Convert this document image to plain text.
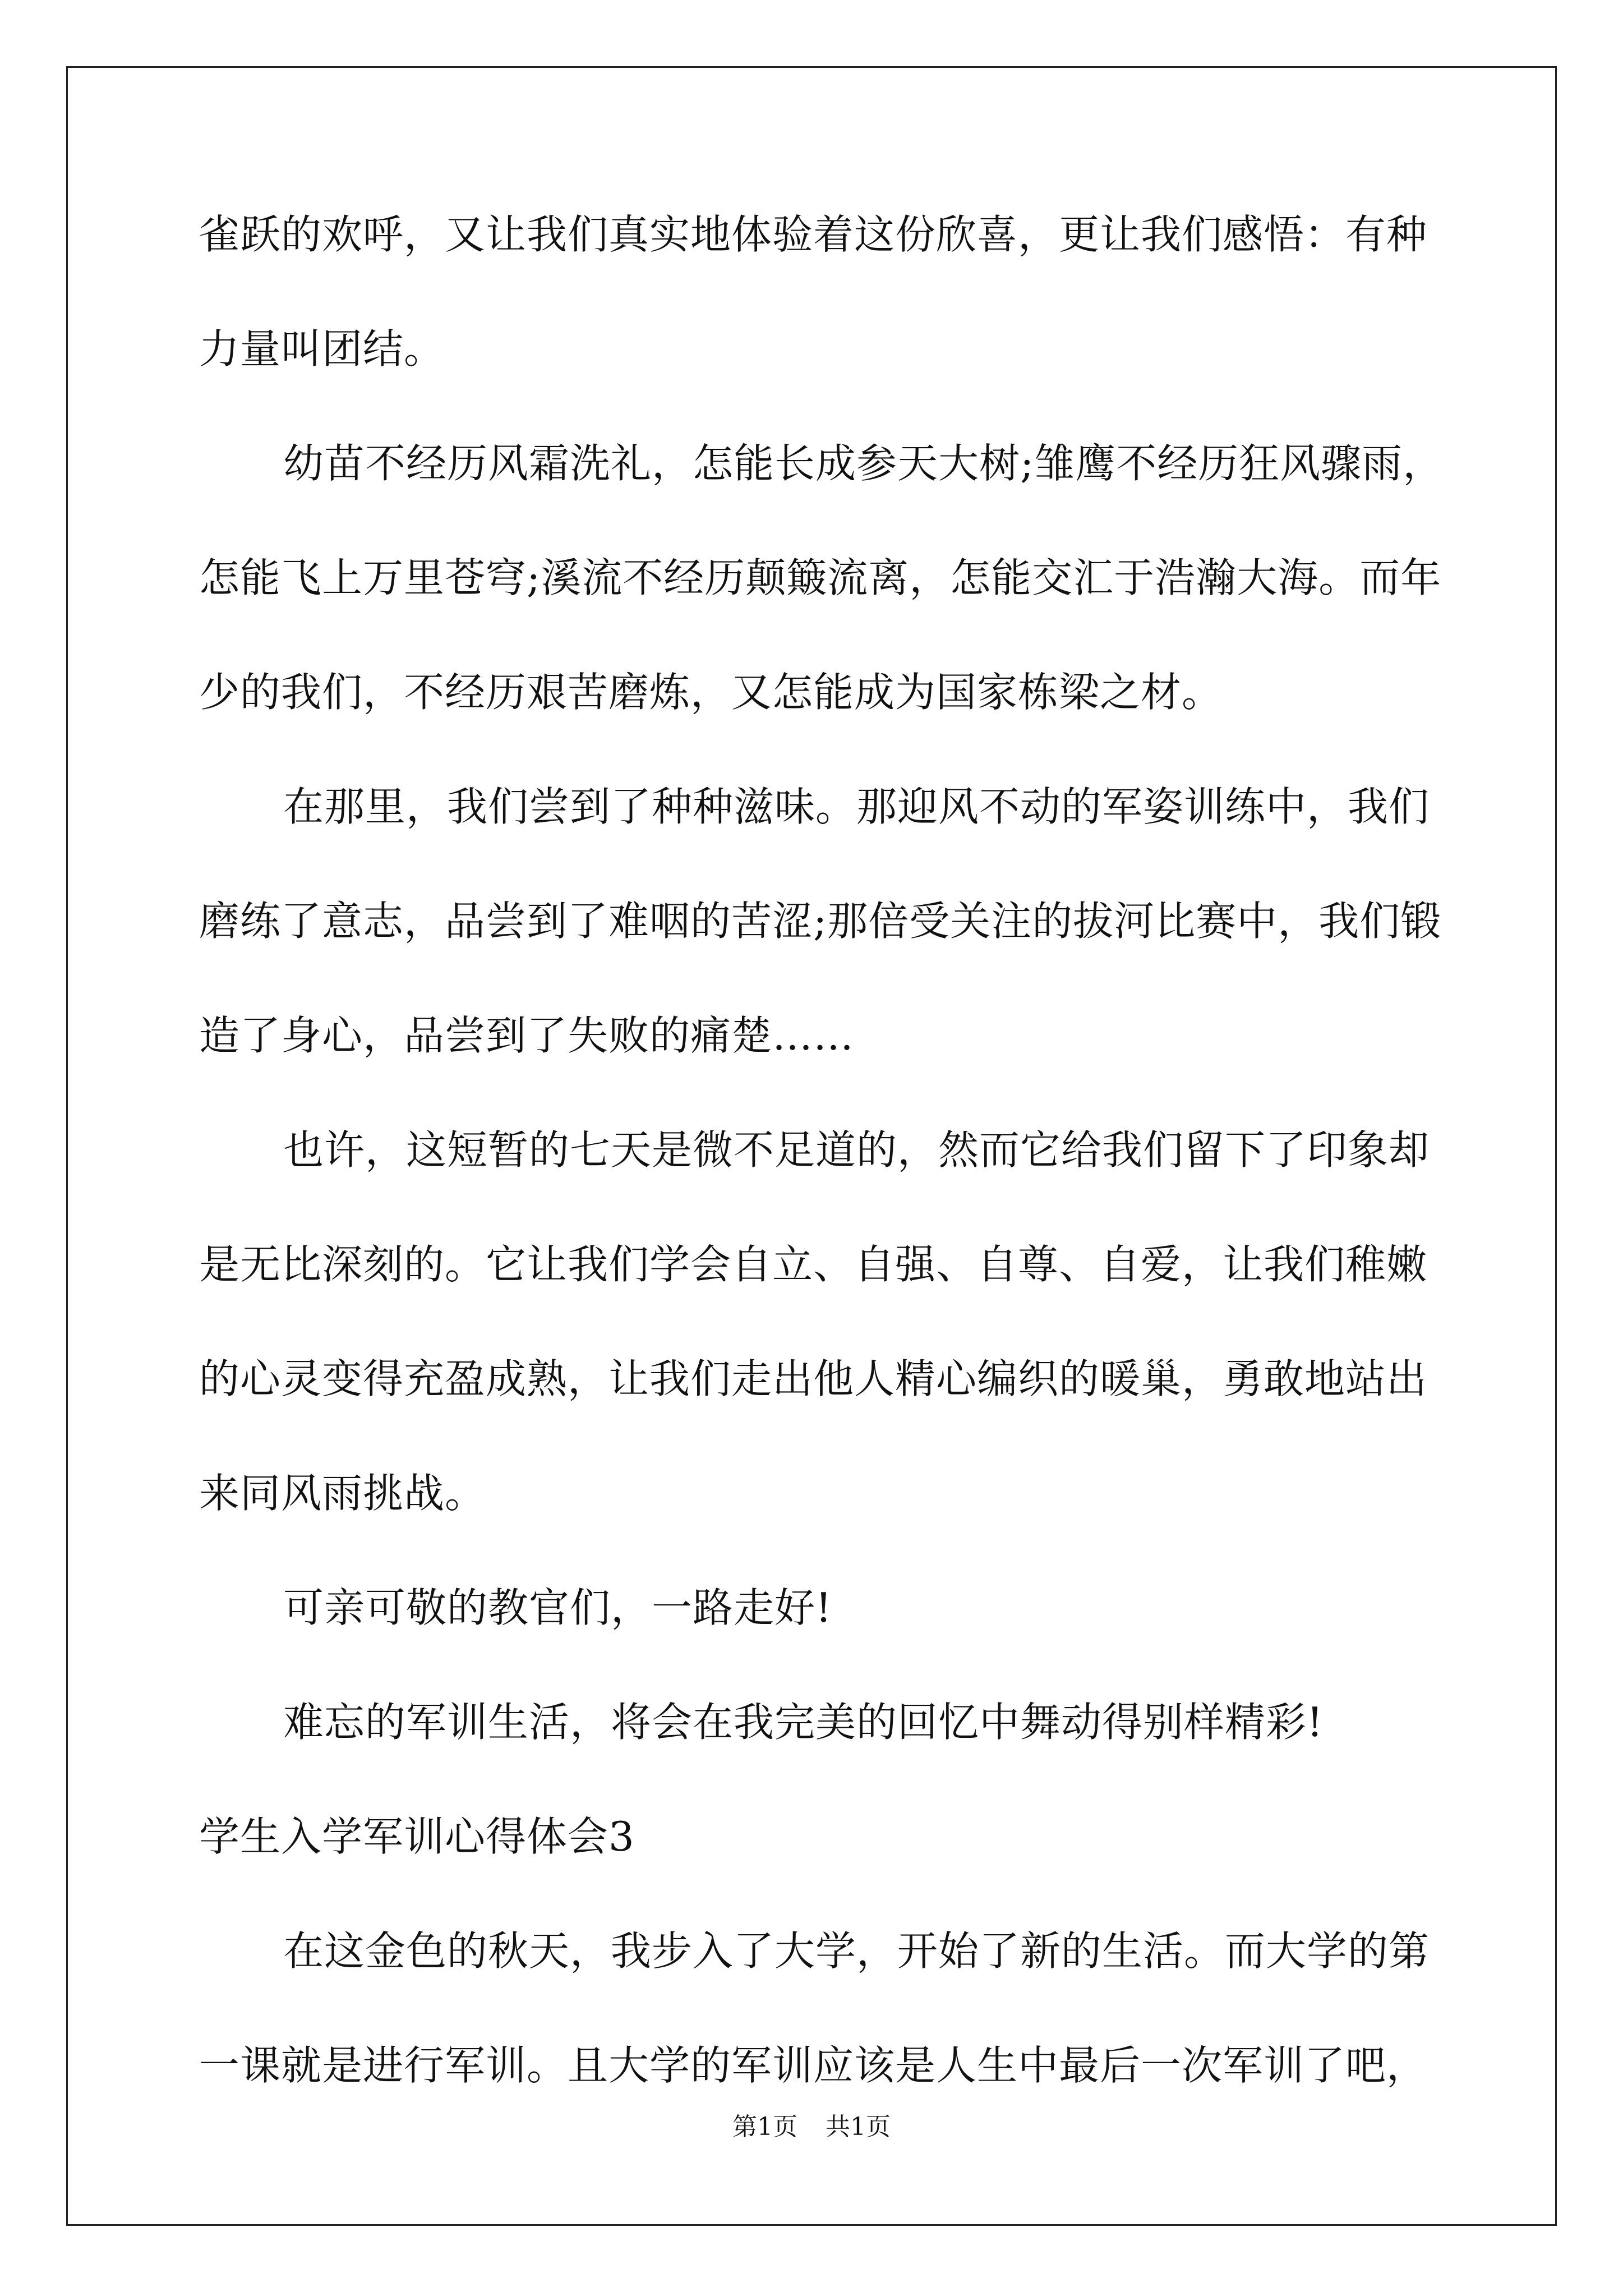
雀跃的欢呼，又让我们真实地体验着这份欣喜，更让我们感悟：有种
力量叫团结。
幼苗不经历风霜洗礼，怎能长成参天大树;雏鹰不经历狂风骤雨，
怎能飞上万里苍穹;溪流不经历颠簸流离，怎能交汇于浩瀚大海。而年
少的我们，不经历艰苦磨炼，又怎能成为国家栋梁之材。
在那里，我们尝到了种种滋味。那迎风不动的军姿训练中，我们
磨练了意志，品尝到了难咽的苦涩;那倍受关注的拔河比赛中，我们锻
造了身心，品尝到了失败的痛楚……
也许，这短暂的七天是微不足道的，然而它给我们留下了印象却
是无比深刻的。它让我们学会自立、自强、自尊、自爱，让我们稚嫩
的心灵变得充盈成熟，让我们走出他人精心编织的暖巢，勇敢地站出
来同风雨挑战。
可亲可敬的教官们，一路走好!
难忘的军训生活，将会在我完美的回忆中舞动得别样精彩!
学生入学军训心得体会3
在这金色的秋天，我步入了大学，开始了新的生活。而大学的第
一课就是进行军训。且大学的军训应该是人生中最后一次军训了吧，
第1页 共1页
